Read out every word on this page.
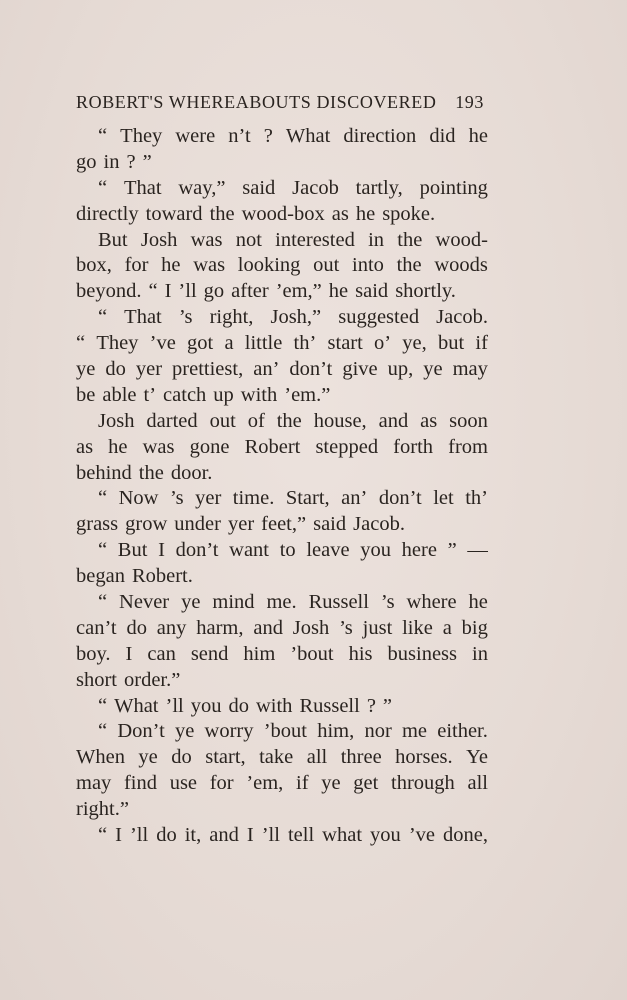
ROBERT'S WHEREABOUTS DISCOVERED 193
“ They were n’t ? What direction did he
go in ? ”
“ That way,” said Jacob tartly, pointing
directly toward the wood-box as he spoke.
But Josh was not interested in the wood-
box, for he was looking out into the woods
beyond. “ I ’ll go after ’em,” he said shortly.
“ That ’s right, Josh,” suggested Jacob.
“ They ’ve got a little th’ start o’ ye, but if
ye do yer prettiest, an’ don’t give up, ye may
be able t’ catch up with ’em.”
Josh darted out of the house, and as soon
as he was gone Robert stepped forth from
behind the door.
“ Now ’s yer time. Start, an’ don’t let th’
grass grow under yer feet,” said Jacob.
“ But I don’t want to leave you here ” —
began Robert.
“ Never ye mind me. Russell ’s where he
can’t do any harm, and Josh ’s just like a big
boy. I can send him ’bout his business in
short order.”
“ What ’ll you do with Russell ? ”
“ Don’t ye worry ’bout him, nor me either.
When ye do start, take all three horses. Ye
may find use for ’em, if ye get through all
right.”
“ I ’ll do it, and I ’ll tell what you ’ve done,
